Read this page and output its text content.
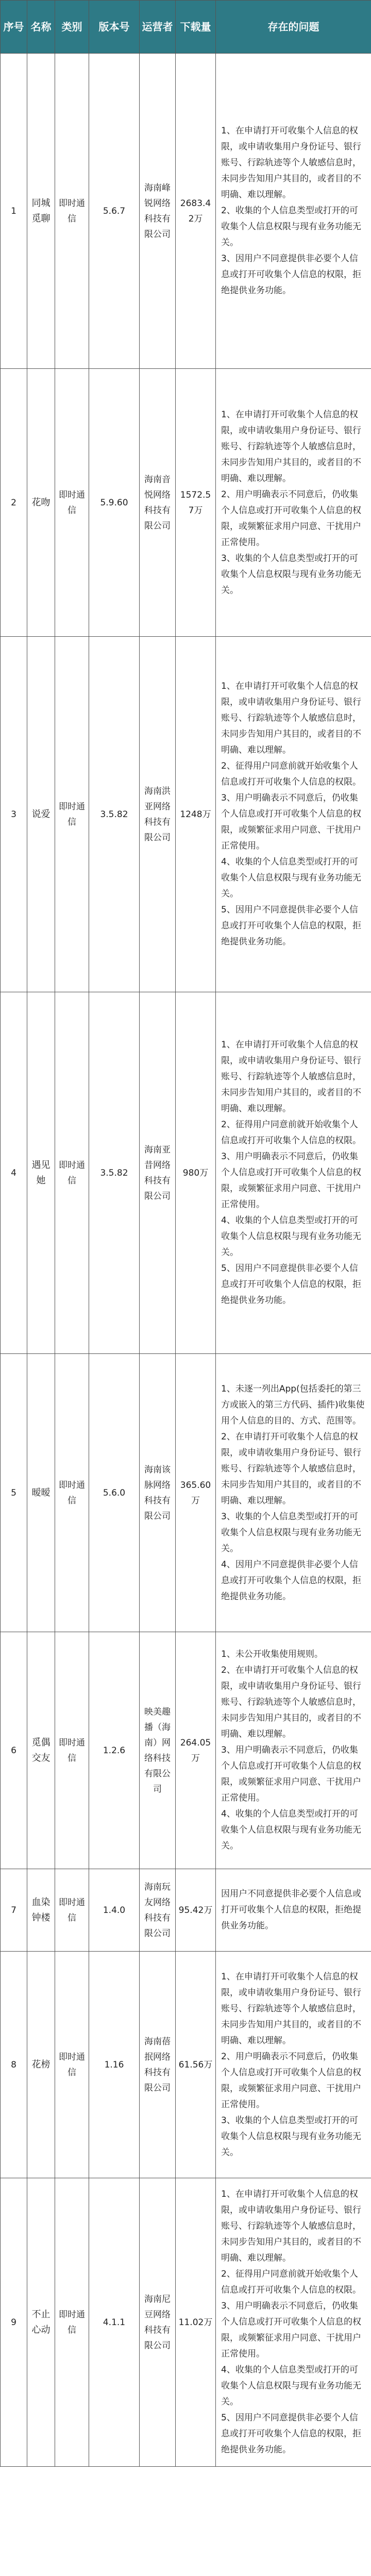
序号	名称	类别	版本号	运营者	下载量	存在的问题
1	同城觅聊	即时通信	5.6.7	海南峰锐网络科技有限公司	2683.42万	1、在申请打开可收集个人信息的权限，或申请收集用户身份证号、银行账号、行踪轨迹等个人敏感信息时，未同步告知用户其目的，或者目的不明确、难以理解。
2、收集的个人信息类型或打开的可收集个人信息权限与现有业务功能无关。
3、因用户不同意提供非必要个人信息或打开可收集个人信息的权限，拒绝提供业务功能。

2	花吻	即时通信	5.9.60	海南音悦网络科技有限公司	1572.57万	1、在申请打开可收集个人信息的权限，或申请收集用户身份证号、银行账号、行踪轨迹等个人敏感信息时，未同步告知用户其目的，或者目的不明确、难以理解。
2、用户明确表示不同意后，仍收集个人信息或打开可收集个人信息的权限，或频繁征求用户同意、干扰用户正常使用。
3、收集的个人信息类型或打开的可收集个人信息权限与现有业务功能无关。

3	说爱	即时通信	3.5.82	海南洪亚网络科技有限公司	1248万	1、在申请打开可收集个人信息的权限，或申请收集用户身份证号、银行账号、行踪轨迹等个人敏感信息时，未同步告知用户其目的，或者目的不明确、难以理解。
2、征得用户同意前就开始收集个人信息或打开可收集个人信息的权限。
3、用户明确表示不同意后，仍收集个人信息或打开可收集个人信息的权限，或频繁征求用户同意、干扰用户正常使用。
4、收集的个人信息类型或打开的可收集个人信息权限与现有业务功能无关。
5、因用户不同意提供非必要个人信息或打开可收集个人信息的权限，拒绝提供业务功能。

4	遇见她	即时通信	3.5.82	海南亚昔网络科技有限公司	980万	1、在申请打开可收集个人信息的权限，或申请收集用户身份证号、银行账号、行踪轨迹等个人敏感信息时，未同步告知用户其目的，或者目的不明确、难以理解。
2、征得用户同意前就开始收集个人信息或打开可收集个人信息的权限。
3、用户明确表示不同意后，仍收集个人信息或打开可收集个人信息的权限，或频繁征求用户同意、干扰用户正常使用。
4、收集的个人信息类型或打开的可收集个人信息权限与现有业务功能无关。
5、因用户不同意提供非必要个人信息或打开可收集个人信息的权限，拒绝提供业务功能。

5	暧暧	即时通信	5.6.0	海南该脉网络科技有限公司	365.60万	1、未逐一列出App(包括委托的第三方或嵌入的第三方代码、插件)收集使用个人信息的目的、方式、范围等。
2、在申请打开可收集个人信息的权限，或申请收集用户身份证号、银行账号、行踪轨迹等个人敏感信息时，未同步告知用户其目的，或者目的不明确、难以理解。
3、收集的个人信息类型或打开的可收集个人信息权限与现有业务功能无关。
4、因用户不同意提供非必要个人信息或打开可收集个人信息的权限，拒绝提供业务功能。

6	觅偶交友	即时通信	1.2.6	映美趣播（海南）网络科技有限公司	264.05万	1、未公开收集使用规则。
2、在申请打开可收集个人信息的权限，或申请收集用户身份证号、银行账号、行踪轨迹等个人敏感信息时，未同步告知用户其目的，或者目的不明确、难以理解。
3、用户明确表示不同意后，仍收集个人信息或打开可收集个人信息的权限，或频繁征求用户同意、干扰用户正常使用。
4、收集的个人信息类型或打开的可收集个人信息权限与现有业务功能无关。

7	血染钟楼	即时通信	1.4.0	海南玩友网络科技有限公司	95.42万	因用户不同意提供非必要个人信息或打开可收集个人信息的权限，拒绝提供业务功能。

8	花榜	即时通信	1.16	海南蓓抿网络科技有限公司	61.56万	1、在申请打开可收集个人信息的权限，或申请收集用户身份证号、银行账号、行踪轨迹等个人敏感信息时，未同步告知用户其目的，或者目的不明确、难以理解。
2、用户明确表示不同意后，仍收集个人信息或打开可收集个人信息的权限，或频繁征求用户同意、干扰用户正常使用。
3、收集的个人信息类型或打开的可收集个人信息权限与现有业务功能无关。

9	不止心动	即时通信	4.1.1	海南尼豆网络科技有限公司	11.02万	1、在申请打开可收集个人信息的权限，或申请收集用户身份证号、银行账号、行踪轨迹等个人敏感信息时，未同步告知用户其目的，或者目的不明确、难以理解。
2、征得用户同意前就开始收集个人信息或打开可收集个人信息的权限。
3、用户明确表示不同意后，仍收集个人信息或打开可收集个人信息的权限，或频繁征求用户同意、干扰用户正常使用。
4、收集的个人信息类型或打开的可收集个人信息权限与现有业务功能无关。
5、因用户不同意提供非必要个人信息或打开可收集个人信息的权限，拒绝提供业务功能。
